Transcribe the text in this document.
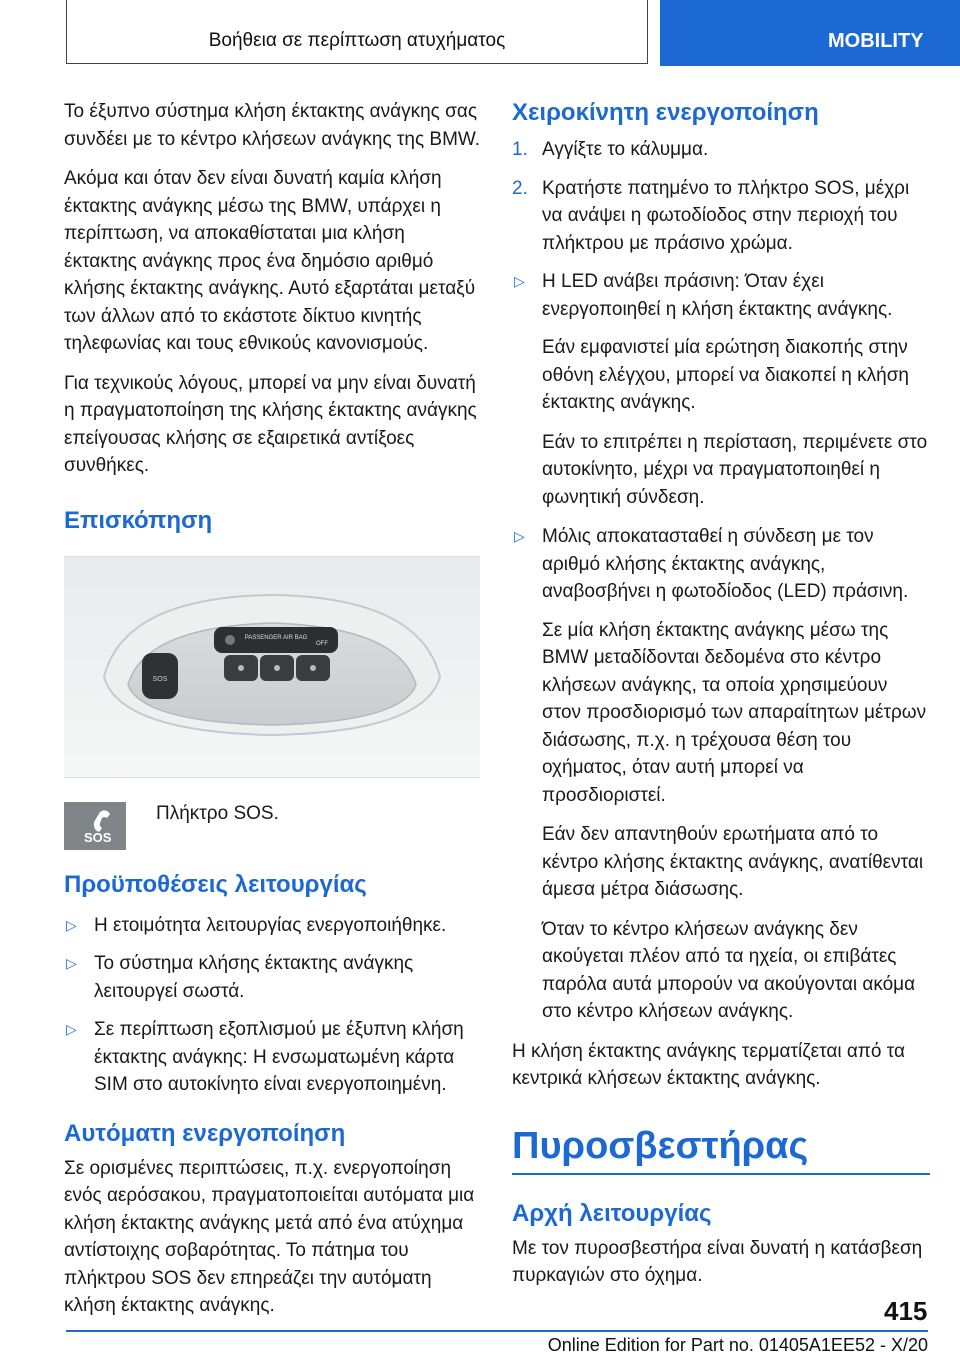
Βοήθεια σε περίπτωση ατυχήματος	MOBILITY

Το έξυπνο σύστημα κλήση έκτακτης ανάγκης σας συνδέει με το κέντρο κλήσεων ανάγκης της BMW.

Ακόμα και όταν δεν είναι δυνατή καμία κλήση έκτακτης ανάγκης μέσω της BMW, υπάρχει η περίπτωση, να αποκαθίσταται μια κλήση έκτακτης ανάγκης προς ένα δημόσιο αριθμό κλήσης έκτακτης ανάγκης. Αυτό εξαρτάται μεταξύ των άλλων από το εκάστοτε δίκτυο κινητής τηλεφωνίας και τους εθνικούς κανονισμούς.

Για τεχνικούς λόγους, μπορεί να μην είναι δυνατή η πραγματοποίηση της κλήσης έκτακτης ανάγκης επείγουσας κλήσης σε εξαιρετικά αντίξοες συνθήκες.

Επισκόπηση
PASSENGER AIR BAG
OFF
SOS
SOS
Πλήκτρο SOS.
Προϋποθέσεις λειτουργίας
▷ Η ετοιμότητα λειτουργίας ενεργοποιήθηκε.
▷ Το σύστημα κλήσης έκτακτης ανάγκης λειτουργεί σωστά.
▷ Σε περίπτωση εξοπλισμού με έξυπνη κλήση έκτακτης ανάγκης: Η ενσωματωμένη κάρτα SIM στο αυτοκίνητο είναι ενεργοποιημένη.
Αυτόματη ενεργοποίηση

Σε ορισμένες περιπτώσεις, π.χ. ενεργοποίηση ενός αερόσακου, πραγματοποιείται αυτόματα μια κλήση έκτακτης ανάγκης μετά από ένα ατύχημα αντίστοιχης σοβαρότητας. Το πάτημα του πλήκτρου SOS δεν επηρεάζει την αυτόματη κλήση έκτακτης ανάγκης.

Χειροκίνητη ενεργοποίηση
1. Αγγίξτε το κάλυμμα.
2. Κρατήστε πατημένο το πλήκτρο SOS, μέχρι να ανάψει η φωτοδίοδος στην περιοχή του πλήκτρου με πράσινο χρώμα.
▷ Η LED ανάβει πράσινη: Όταν έχει ενεργοποιηθεί η κλήση έκτακτης ανάγκης.

Εάν εμφανιστεί μία ερώτηση διακοπής στην οθόνη ελέγχου, μπορεί να διακοπεί η κλήση έκτακτης ανάγκης.

Εάν το επιτρέπει η περίσταση, περιμένετε στο αυτοκίνητο, μέχρι να πραγματοποιηθεί η φωνητική σύνδεση.

▷ Μόλις αποκατασταθεί η σύνδεση με τον αριθμό κλήσης έκτακτης ανάγκης, αναβοσβήνει η φωτοδίοδος (LED) πράσινη.

Σε μία κλήση έκτακτης ανάγκης μέσω της BMW μεταδίδονται δεδομένα στο κέντρο κλήσεων ανάγκης, τα οποία χρησιμεύουν στον προσδιορισμό των απαραίτητων μέτρων διάσωσης, π.χ. η τρέχουσα θέση του οχήματος, όταν αυτή μπορεί να προσδιοριστεί.

Εάν δεν απαντηθούν ερωτήματα από το κέντρο κλήσης έκτακτης ανάγκης, ανατίθενται άμεσα μέτρα διάσωσης.

Όταν το κέντρο κλήσεων ανάγκης δεν ακούγεται πλέον από τα ηχεία, οι επιβάτες παρόλα αυτά μπορούν να ακούγονται ακόμα στο κέντρο κλήσεων ανάγκης.

Η κλήση έκτακτης ανάγκης τερματίζεται από τα κεντρικά κλήσεων έκτακτης ανάγκης.

Πυροσβεστήρας
Αρχή λειτουργίας

Με τον πυροσβεστήρα είναι δυνατή η κατάσβεση πυρκαγιών στο όχημα.

415
Online Edition for Part no. 01405A1EE52 - X/20
